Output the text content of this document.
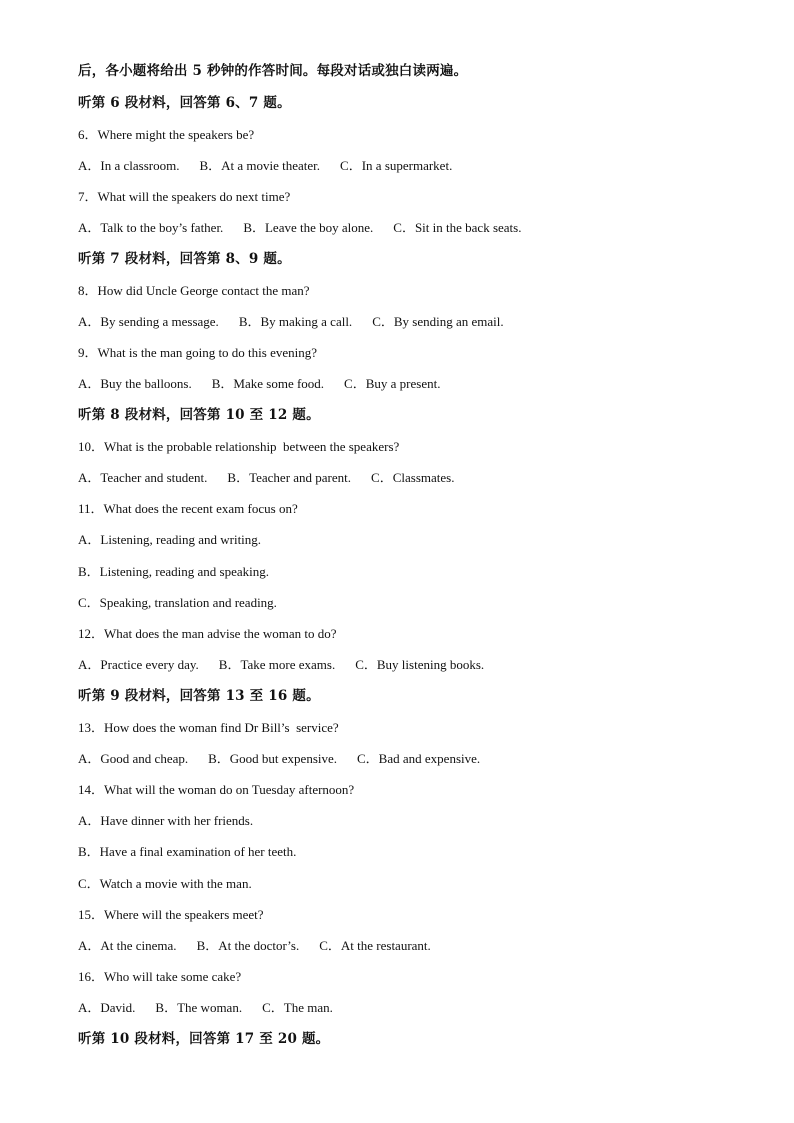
后，各小题将给出 5 秒钟的作答时间。每段对话或独白读两遍。
听第 6 段材料，回答第 6、7 题。
6．Where might the speakers be?
A．In a classroom. B．At a movie theater. C．In a supermarket.
7．What will the speakers do next time?
A．Talk to the boy’s father. B．Leave the boy alone. C．Sit in the back seats.
听第 7 段材料，回答第 8、9 题。
8．How did Uncle George contact the man?
A．By sending a message. B．By making a call. C．By sending an email.
9．What is the man going to do this evening?
A．Buy the balloons. B．Make some food. C．Buy a present.
听第 8 段材料，回答第 10 至 12 题。
10．What is the probable relationship  between the speakers?
A．Teacher and student. B．Teacher and parent. C．Classmates.
11．What does the recent exam focus on?
A．Listening, reading and writing.
B．Listening, reading and speaking.
C．Speaking, translation and reading.
12．What does the man advise the woman to do?
A．Practice every day. B．Take more exams. C．Buy listening books.
听第 9 段材料，回答第 13 至 16 题。
13．How does the woman find Dr Bill’s  service?
A．Good and cheap. B．Good but expensive. C．Bad and expensive.
14．What will the woman do on Tuesday afternoon?
A．Have dinner with her friends.
B．Have a final examination of her teeth.
C．Watch a movie with the man.
15．Where will the speakers meet?
A．At the cinema. B．At the doctor’s. C．At the restaurant.
16．Who will take some cake?
A．David. B．The woman. C．The man.
听第 10 段材料，回答第 17 至 20 题。
